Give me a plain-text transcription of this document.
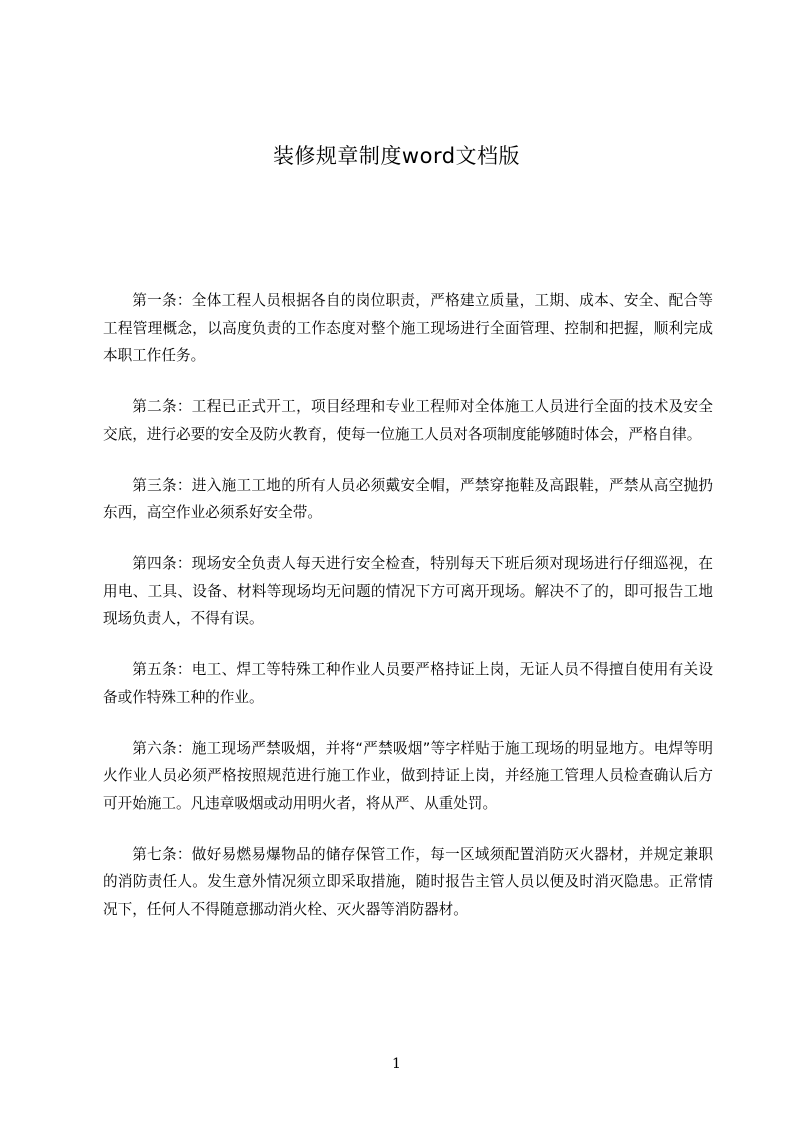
装修规章制度word文档版

第一条：全体工程人员根据各自的岗位职责，严格建立质量，工期、成本、安全、配合等工程管理概念，以高度负责的工作态度对整个施工现场进行全面管理、控制和把握，顺利完成本职工作任务。

第二条：工程已正式开工，项目经理和专业工程师对全体施工人员进行全面的技术及安全交底，进行必要的安全及防火教育，使每一位施工人员对各项制度能够随时体会，严格自律。

第三条：进入施工工地的所有人员必须戴安全帽，严禁穿拖鞋及高跟鞋，严禁从高空抛扔东西，高空作业必须系好安全带。

第四条：现场安全负责人每天进行安全检查，特别每天下班后须对现场进行仔细巡视，在用电、工具、设备、材料等现场均无问题的情况下方可离开现场。解决不了的，即可报告工地现场负责人，不得有误。

第五条：电工、焊工等特殊工种作业人员要严格持证上岗，无证人员不得擅自使用有关设备或作特殊工种的作业。

第六条：施工现场严禁吸烟，并将“严禁吸烟”等字样贴于施工现场的明显地方。电焊等明火作业人员必须严格按照规范进行施工作业，做到持证上岗，并经施工管理人员检查确认后方可开始施工。凡违章吸烟或动用明火者，将从严、从重处罚。

第七条：做好易燃易爆物品的储存保管工作，每一区域须配置消防灭火器材，并规定兼职的消防责任人。发生意外情况须立即采取措施，随时报告主管人员以便及时消灭隐患。正常情况下，任何人不得随意挪动消火栓、灭火器等消防器材。

1
